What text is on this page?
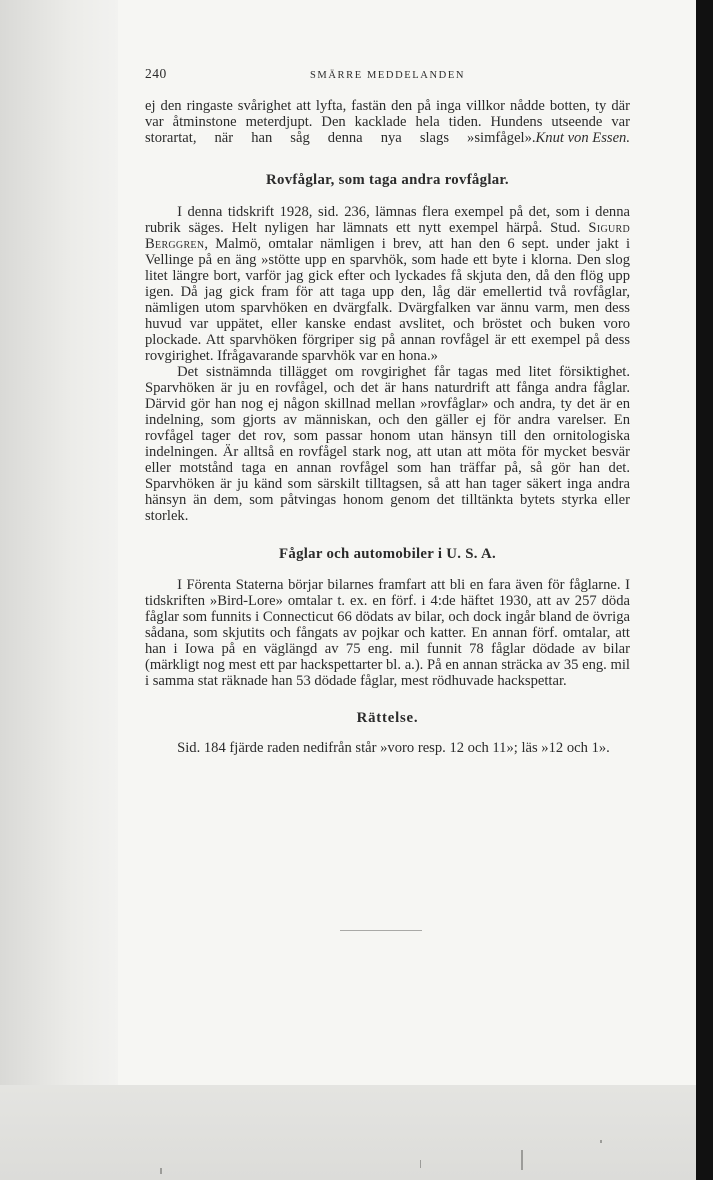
240	SMÄRRE MEDDELANDEN

ej den ringaste svårighet att lyfta, fastän den på inga villkor nådde botten, ty där var åtminstone meterdjupt. Den kacklade hela tiden. Hundens utseende var storartat, när han såg denna nya slags »simfågel». Knut von Essen.

Rovfåglar, som taga andra rovfåglar.

I denna tidskrift 1928, sid. 236, lämnas flera exempel på det, som i denna rubrik säges. Helt nyligen har lämnats ett nytt exempel härpå. Stud. Sigurd Berggren, Malmö, omtalar nämligen i brev, att han den 6 sept. under jakt i Vellinge på en äng »stötte upp en sparvhök, som hade ett byte i klorna. Den slog litet längre bort, varför jag gick efter och lyckades få skjuta den, då den flög upp igen. Då jag gick fram för att taga upp den, låg där emellertid två rovfåglar, nämligen utom sparvhöken en dvärgfalk. Dvärgfalken var ännu varm, men dess huvud var uppätet, eller kanske endast avslitet, och bröstet och buken voro plockade. Att sparvhöken förgriper sig på annan rovfågel är ett exempel på dess rovgirighet. Ifrågavarande sparvhök var en hona.»

Det sistnämnda tillägget om rovgirighet får tagas med litet försiktighet. Sparvhöken är ju en rovfågel, och det är hans naturdrift att fånga andra fåglar. Därvid gör han nog ej någon skillnad mellan »rovfåglar» och andra, ty det är en indelning, som gjorts av människan, och den gäller ej för andra varelser. En rovfågel tager det rov, som passar honom utan hänsyn till den ornitologiska indelningen. Är alltså en rovfågel stark nog, att utan att möta för mycket besvär eller motstånd taga en annan rovfågel som han träffar på, så gör han det. Sparvhöken är ju känd som särskilt tilltagsen, så att han tager säkert inga andra hänsyn än dem, som påtvingas honom genom det tilltänkta bytets styrka eller storlek.

Fåglar och automobiler i U. S. A.

I Förenta Staterna börjar bilarnes framfart att bli en fara även för fåglarne. I tidskriften »Bird-Lore» omtalar t. ex. en förf. i 4:de häftet 1930, att av 257 döda fåglar som funnits i Connecticut 66 dödats av bilar, och dock ingår bland de övriga sådana, som skjutits och fångats av pojkar och katter. En annan förf. omtalar, att han i Iowa på en väglängd av 75 eng. mil funnit 78 fåglar dödade av bilar (märkligt nog mest ett par hackspettarter bl. a.). På en annan sträcka av 35 eng. mil i samma stat räknade han 53 dödade fåglar, mest rödhuvade hackspettar.

Rättelse.

Sid. 184 fjärde raden nedifrån står »voro resp. 12 och 11»; läs »12 och 1».
